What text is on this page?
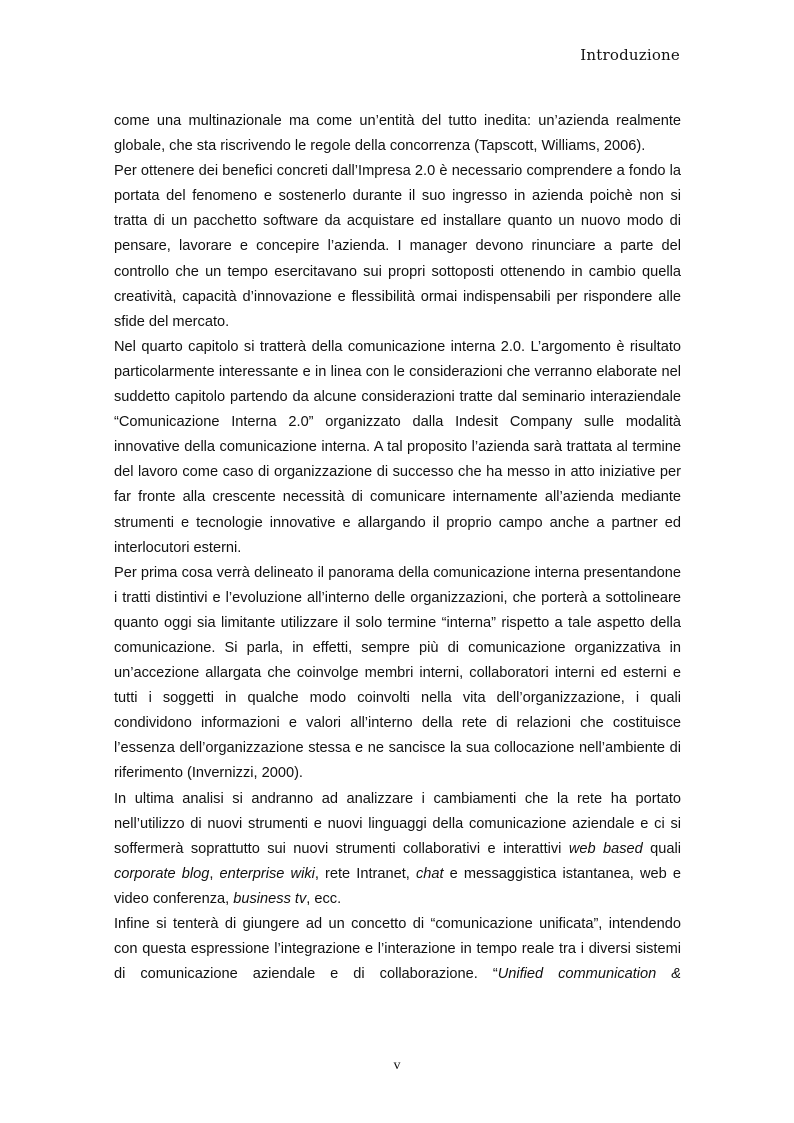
Introduzione

come una multinazionale ma come un’entità del tutto inedita: un’azienda realmente globale, che sta riscrivendo le regole della concorrenza (Tapscott, Williams, 2006).

Per ottenere dei benefici concreti dall’Impresa 2.0 è necessario comprendere a fondo la portata del fenomeno e sostenerlo durante il suo ingresso in azienda poichè non si tratta di un pacchetto software da acquistare ed installare quanto un nuovo modo di pensare, lavorare e concepire l’azienda. I manager devono rinunciare a parte del controllo che un tempo esercitavano sui propri sottoposti ottenendo in cambio quella creatività, capacità d’innovazione e flessibilità ormai indispensabili per rispondere alle sfide del mercato.

Nel quarto capitolo si tratterà della comunicazione interna 2.0. L’argomento è risultato particolarmente interessante e in linea con le considerazioni che verranno elaborate nel suddetto capitolo partendo da alcune considerazioni tratte dal seminario interaziendale “Comunicazione Interna 2.0” organizzato dalla Indesit Company sulle modalità innovative della comunicazione interna. A tal proposito l’azienda sarà trattata al termine del lavoro come caso di organizzazione di successo che ha messo in atto iniziative per far fronte alla crescente necessità di comunicare internamente all’azienda mediante strumenti e tecnologie innovative e allargando il proprio campo anche a partner ed interlocutori esterni.

Per prima cosa verrà delineato il panorama della comunicazione interna presentandone i tratti distintivi e l’evoluzione all’interno delle organizzazioni, che porterà a sottolineare quanto oggi sia limitante utilizzare il solo termine “interna” rispetto a tale aspetto della comunicazione. Si parla, in effetti, sempre più di comunicazione organizzativa in un’accezione allargata che coinvolge membri interni, collaboratori interni ed esterni e tutti i soggetti in qualche modo coinvolti nella vita dell’organizzazione, i quali condividono informazioni e valori all’interno della rete di relazioni che costituisce l’essenza dell’organizzazione stessa e ne sancisce la sua collocazione nell’ambiente di riferimento (Invernizzi, 2000).

In ultima analisi si andranno ad analizzare i cambiamenti che la rete ha portato nell’utilizzo di nuovi strumenti e nuovi linguaggi della comunicazione aziendale e ci si soffermerà soprattutto sui nuovi strumenti collaborativi e interattivi web based quali corporate blog, enterprise wiki, rete Intranet, chat e messaggistica istantanea, web e video conferenza, business tv, ecc.

Infine si tenterà di giungere ad un concetto di “comunicazione unificata”, intendendo con questa espressione l’integrazione e l’interazione in tempo reale tra i diversi sistemi di comunicazione aziendale e di collaborazione. “Unified communication &

v
